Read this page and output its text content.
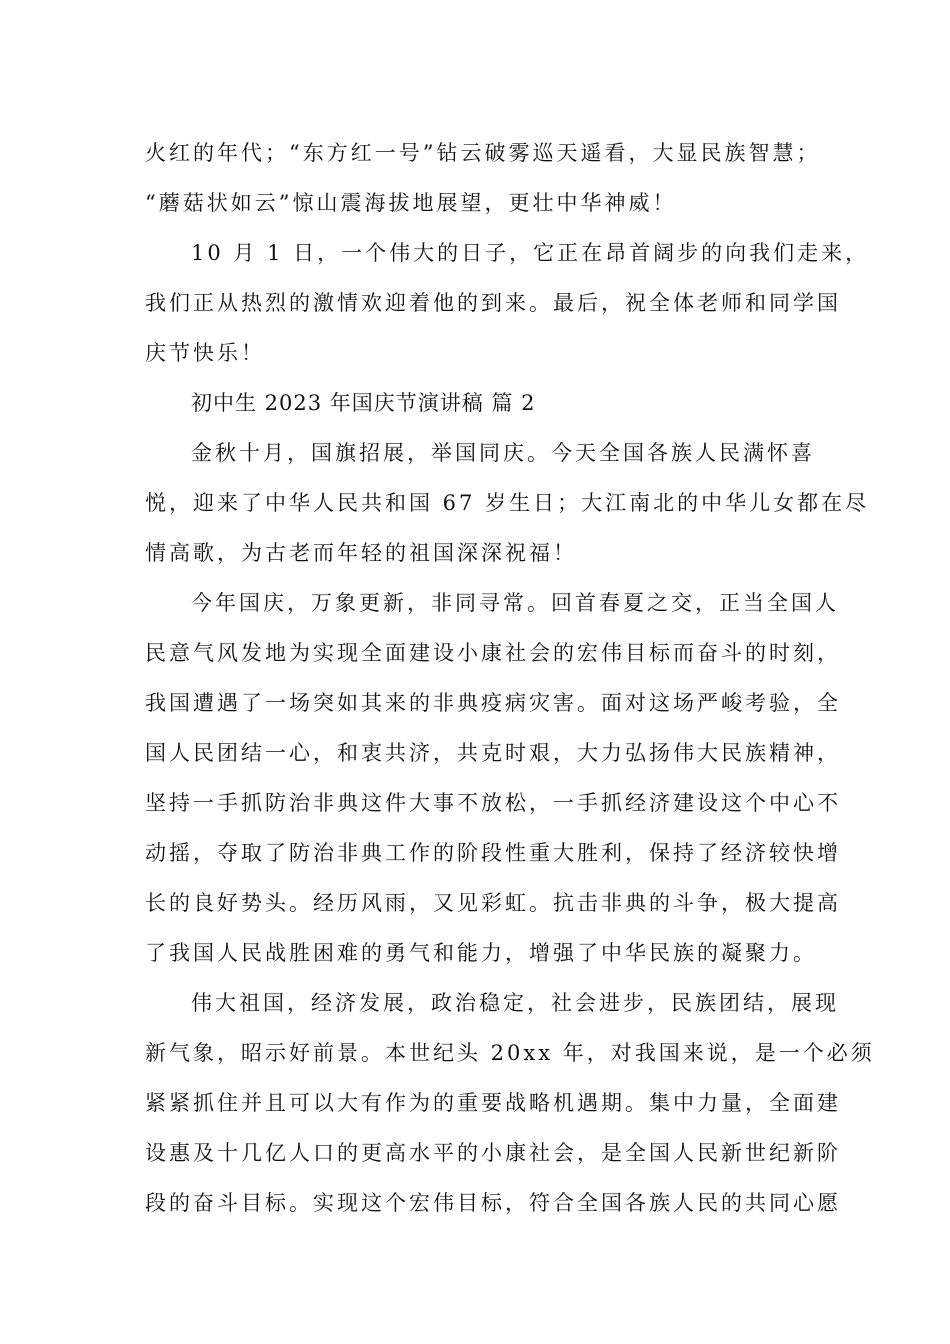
火红的年代；“东方红一号”钻云破雾巡天遥看，大显民族智慧；
“蘑菇状如云”惊山震海拔地展望，更壮中华神威！
10 月 1 日，一个伟大的日子，它正在昂首阔步的向我们走来，
我们正从热烈的激情欢迎着他的到来。最后，祝全体老师和同学国
庆节快乐！
初中生 2023 年国庆节演讲稿 篇 2
金秋十月，国旗招展，举国同庆。今天全国各族人民满怀喜
悦，迎来了中华人民共和国 67 岁生日；大江南北的中华儿女都在尽
情高歌，为古老而年轻的祖国深深祝福！
今年国庆，万象更新，非同寻常。回首春夏之交，正当全国人
民意气风发地为实现全面建设小康社会的宏伟目标而奋斗的时刻，
我国遭遇了一场突如其来的非典疫病灾害。面对这场严峻考验，全
国人民团结一心，和衷共济，共克时艰，大力弘扬伟大民族精神，
坚持一手抓防治非典这件大事不放松，一手抓经济建设这个中心不
动摇，夺取了防治非典工作的阶段性重大胜利，保持了经济较快增
长的良好势头。经历风雨，又见彩虹。抗击非典的斗争，极大提高
了我国人民战胜困难的勇气和能力，增强了中华民族的凝聚力。
伟大祖国，经济发展，政治稳定，社会进步，民族团结，展现
新气象，昭示好前景。本世纪头 20xx 年，对我国来说，是一个必须
紧紧抓住并且可以大有作为的重要战略机遇期。集中力量，全面建
设惠及十几亿人口的更高水平的小康社会，是全国人民新世纪新阶
段的奋斗目标。实现这个宏伟目标，符合全国各族人民的共同心愿
